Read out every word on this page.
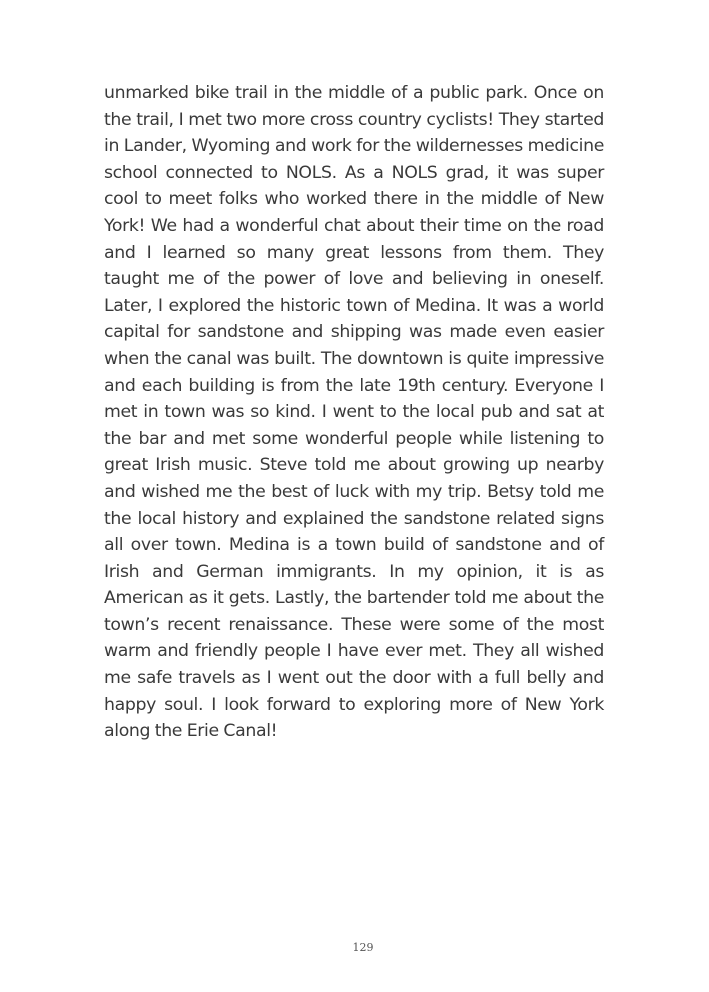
unmarked bike trail in the middle of a public park. Once on the trail, I met two more cross country cyclists! They started in Lander, Wyoming and work for the wildernesses medicine school connected to NOLS. As a NOLS grad, it was super cool to meet folks who worked there in the middle of New York! We had a wonderful chat about their time on the road and I learned so many great lessons from them. They taught me of the power of love and believing in oneself. Later, I explored the historic town of Medina. It was a world capital for sandstone and shipping was made even easier when the canal was built. The downtown is quite impressive and each building is from the late 19th century. Everyone I met in town was so kind. I went to the local pub and sat at the bar and met some wonderful people while listening to great Irish music. Steve told me about growing up nearby and wished me the best of luck with my trip. Betsy told me the local history and explained the sandstone related signs all over town. Medina is a town build of sandstone and of Irish and German immigrants. In my opinion, it is as American as it gets. Lastly, the bartender told me about the town’s recent renaissance. These were some of the most warm and friendly people I have ever met. They all wished me safe travels as I went out the door with a full belly and happy soul. I look forward to exploring more of New York along the Erie Canal!

129
